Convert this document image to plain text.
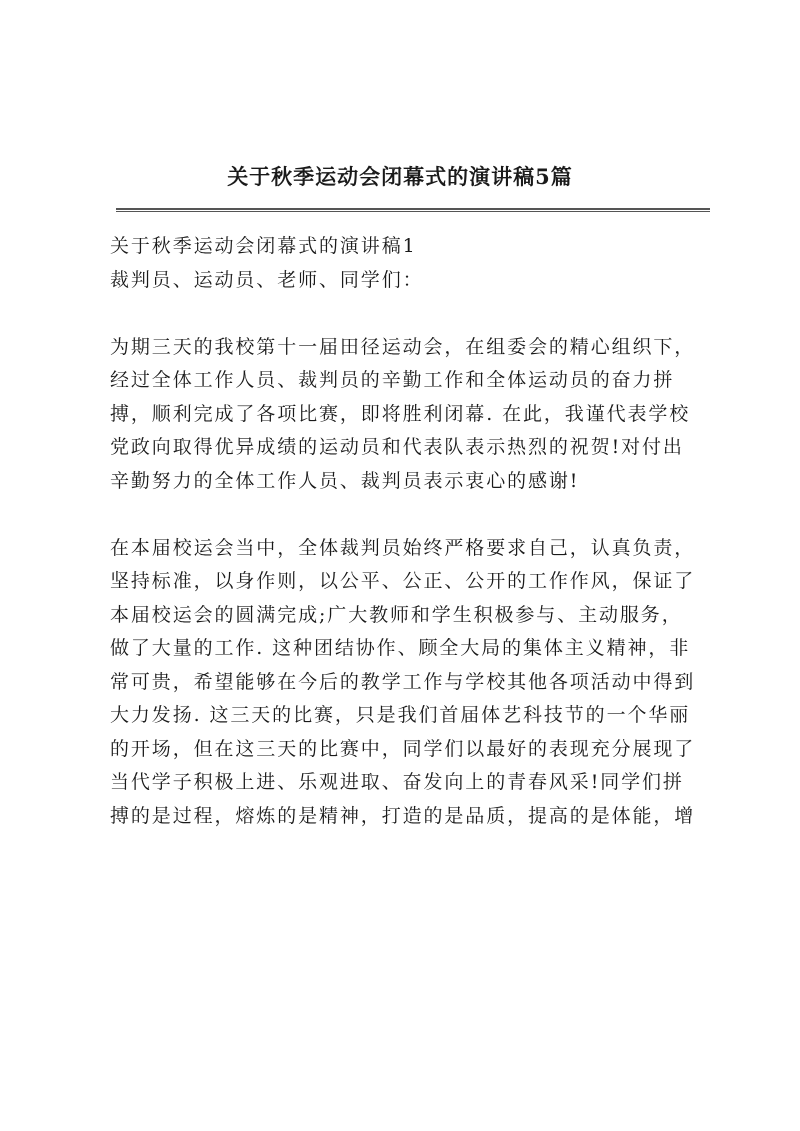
关于秋季运动会闭幕式的演讲稿5篇
关于秋季运动会闭幕式的演讲稿1
裁判员、运动员、老师、同学们：
为期三天的我校第十一届田径运动会，在组委会的精心组织下，
经过全体工作人员、裁判员的辛勤工作和全体运动员的奋力拼
搏，顺利完成了各项比赛，即将胜利闭幕. 在此，我谨代表学校
党政向取得优异成绩的运动员和代表队表示热烈的祝贺!对付出
辛勤努力的全体工作人员、裁判员表示衷心的感谢!
在本届校运会当中，全体裁判员始终严格要求自己，认真负责，
坚持标准，以身作则，以公平、公正、公开的工作作风，保证了
本届校运会的圆满完成;广大教师和学生积极参与、主动服务，
做了大量的工作. 这种团结协作、顾全大局的集体主义精神，非
常可贵，希望能够在今后的教学工作与学校其他各项活动中得到
大力发扬. 这三天的比赛，只是我们首届体艺科技节的一个华丽
的开场，但在这三天的比赛中，同学们以最好的表现充分展现了
当代学子积极上进、乐观进取、奋发向上的青春风采!同学们拼
搏的是过程，熔炼的是精神，打造的是品质，提高的是体能，增
